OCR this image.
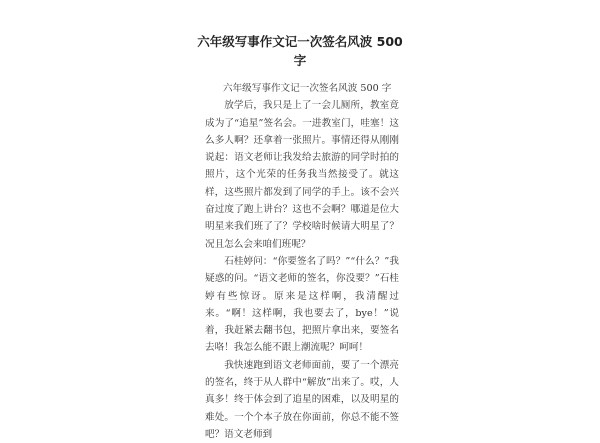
六年级写事作文记一次签名风波 500
字

六年级写事作文记一次签名风波 500 字

放学后，我只是上了一会儿厕所，教室竟成为了“追星”签名会。一进教室门，哇塞！这么多人啊？还拿着一张照片。事情还得从刚刚说起：语文老师让我发给去旅游的同学时拍的照片，这个光荣的任务我当然接受了。就这样，这些照片都发到了同学的手上。该不会兴奋过度了跑上讲台？这也不会啊？哪道是位大明星来我们班了了？学校啥时候请大明星了？况且怎么会来咱们班呢？

石桂婷问：“你要签名了吗？”“什么？”我疑惑的问。“语文老师的签名，你没要？”石桂婷有些惊讶。原来是这样啊，我清醒过来。“啊！这样啊，我也要去了，bye！”说着，我赶紧去翻书包，把照片拿出来，要签名去咯！我怎么能不跟上潮流呢？呵呵！

我快速跑到语文老师面前，要了一个漂亮的签名，终于从人群中“解放”出来了。哎，人真多！终于体会到了追星的困难，以及明星的难处。一个个本子放在你面前，你总不能不签吧？语文老师到
